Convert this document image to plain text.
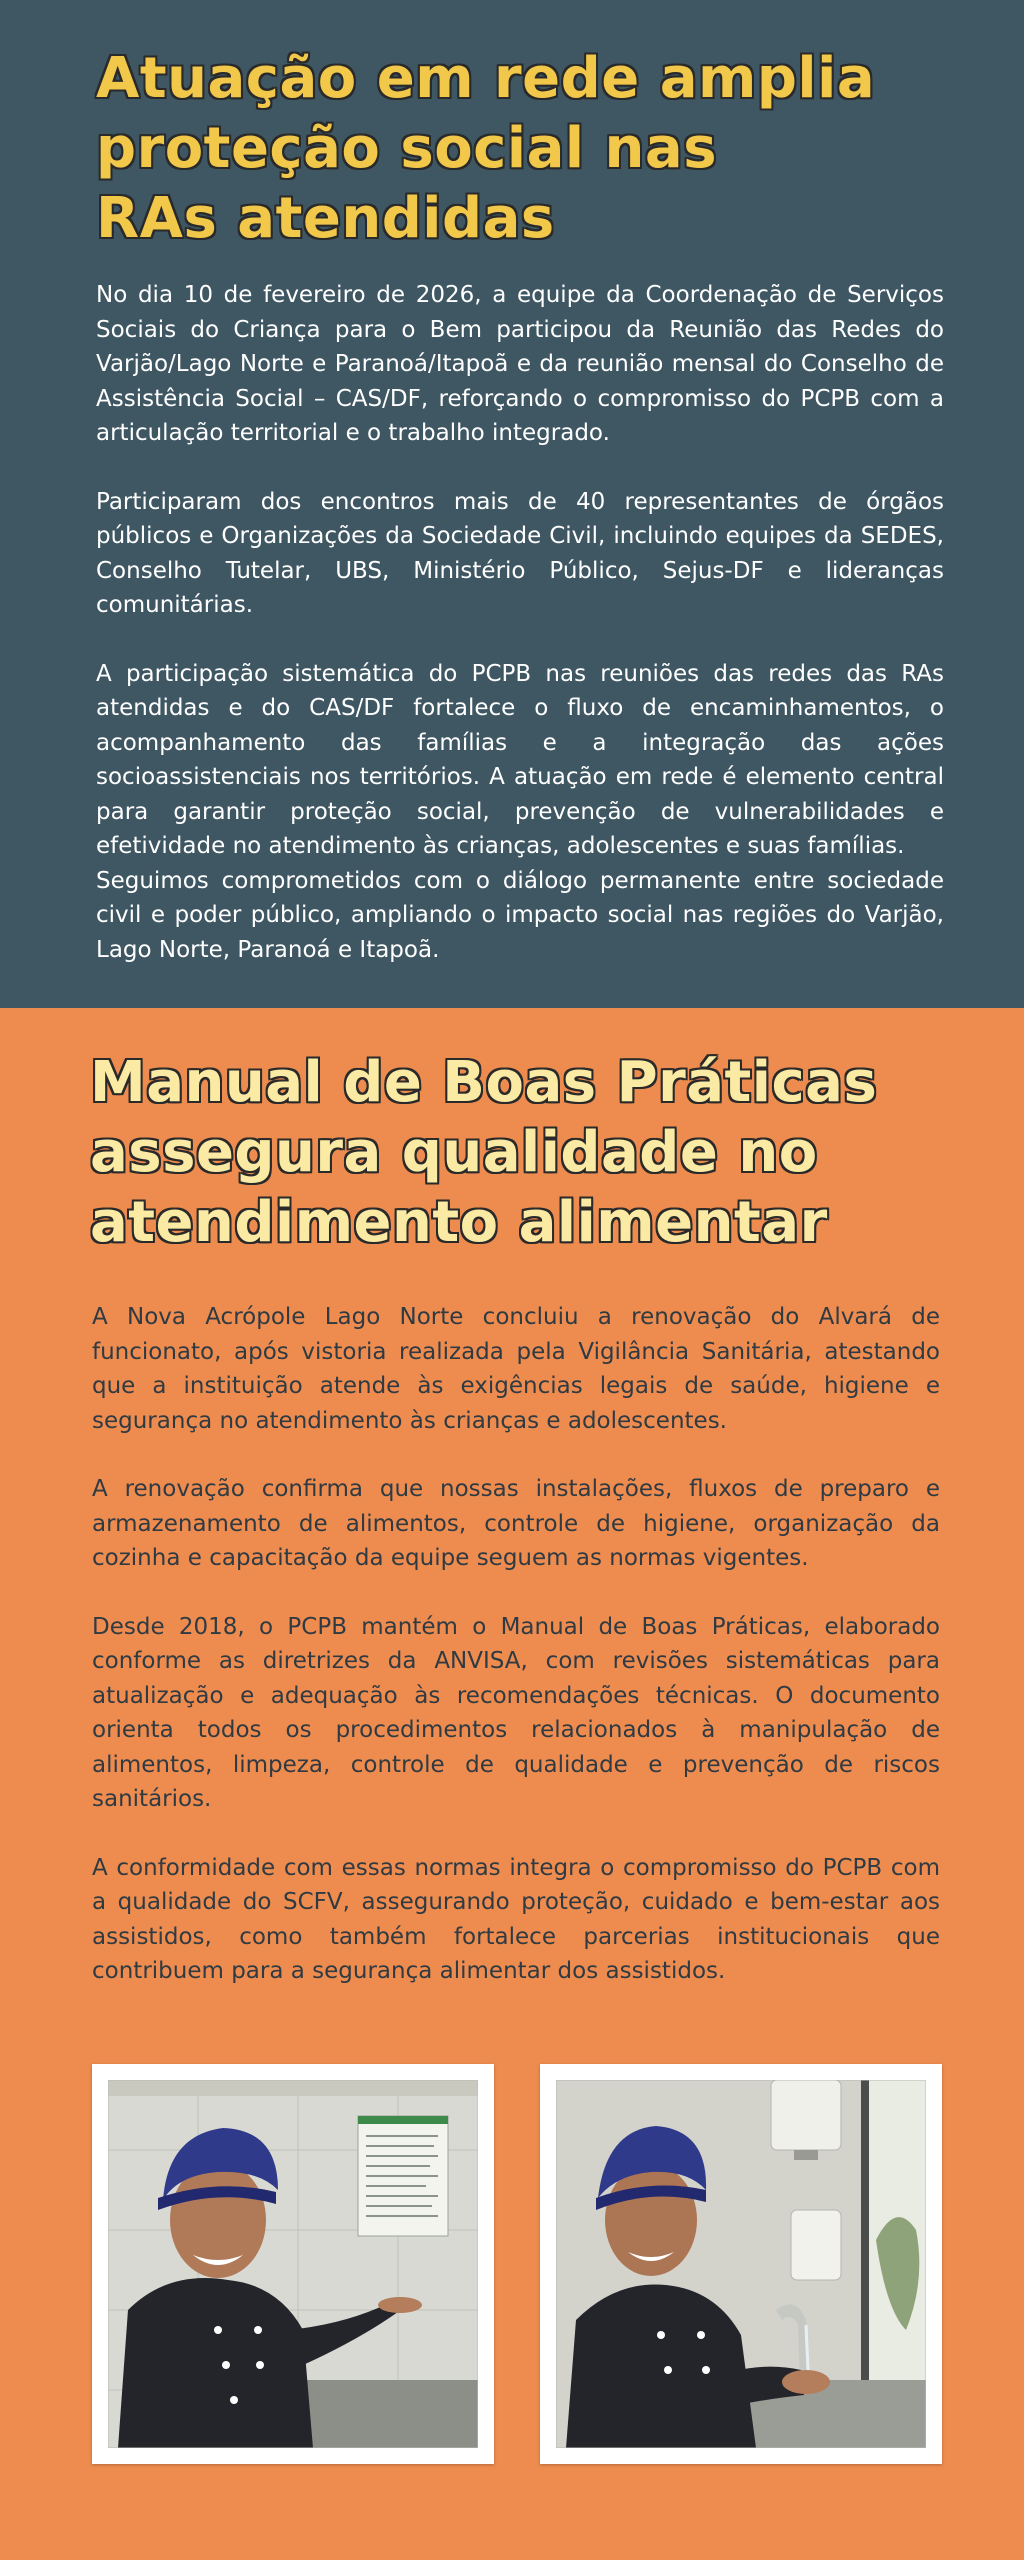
Atuação em rede amplia
proteção social nas
RAs atendidas

No dia 10 de fevereiro de 2026, a equipe da Coordenação de Serviços Sociais do Criança para o Bem participou da Reunião das Redes do Varjão/Lago Norte e Paranoá/Itapoã e da reunião mensal do Conselho de Assistência Social – CAS/DF, reforçando o compromisso do PCPB com a articulação territorial e o trabalho integrado.

Participaram dos encontros mais de 40 representantes de órgãos públicos e Organizações da Sociedade Civil, incluindo equipes da SEDES, Conselho Tutelar, UBS, Ministério Público, Sejus-DF e lideranças comunitárias.

A participação sistemática do PCPB nas reuniões das redes das RAs atendidas e do CAS/DF fortalece o fluxo de encaminhamentos, o acompanhamento das famílias e a integração das ações socioassistenciais nos territórios. A atuação em rede é elemento central para garantir proteção social, prevenção de vulnerabilidades e efetividade no atendimento às crianças, adolescentes e suas famílias.

Seguimos comprometidos com o diálogo permanente entre sociedade civil e poder público, ampliando o impacto social nas regiões do Varjão, Lago Norte, Paranoá e Itapoã.

Manual de Boas Práticas
assegura qualidade no
atendimento alimentar

A Nova Acrópole Lago Norte concluiu a renovação do Alvará de funcionato, após vistoria realizada pela Vigilância Sanitária, atestando que a instituição atende às exigências legais de saúde, higiene e segurança no atendimento às crianças e adolescentes.

A renovação confirma que nossas instalações, fluxos de preparo e armazenamento de alimentos, controle de higiene, organização da cozinha e capacitação da equipe seguem as normas vigentes.

Desde 2018, o PCPB mantém o Manual de Boas Práticas, elaborado conforme as diretrizes da ANVISA, com revisões sistemáticas para atualização e adequação às recomendações técnicas. O documento orienta todos os procedimentos relacionados à manipulação de alimentos, limpeza, controle de qualidade e prevenção de riscos sanitários.

A conformidade com essas normas integra o compromisso do PCPB com a qualidade do SCFV, assegurando proteção, cuidado e bem-estar aos assistidos, como também fortalece parcerias institucionais que contribuem para a segurança alimentar dos assistidos.
